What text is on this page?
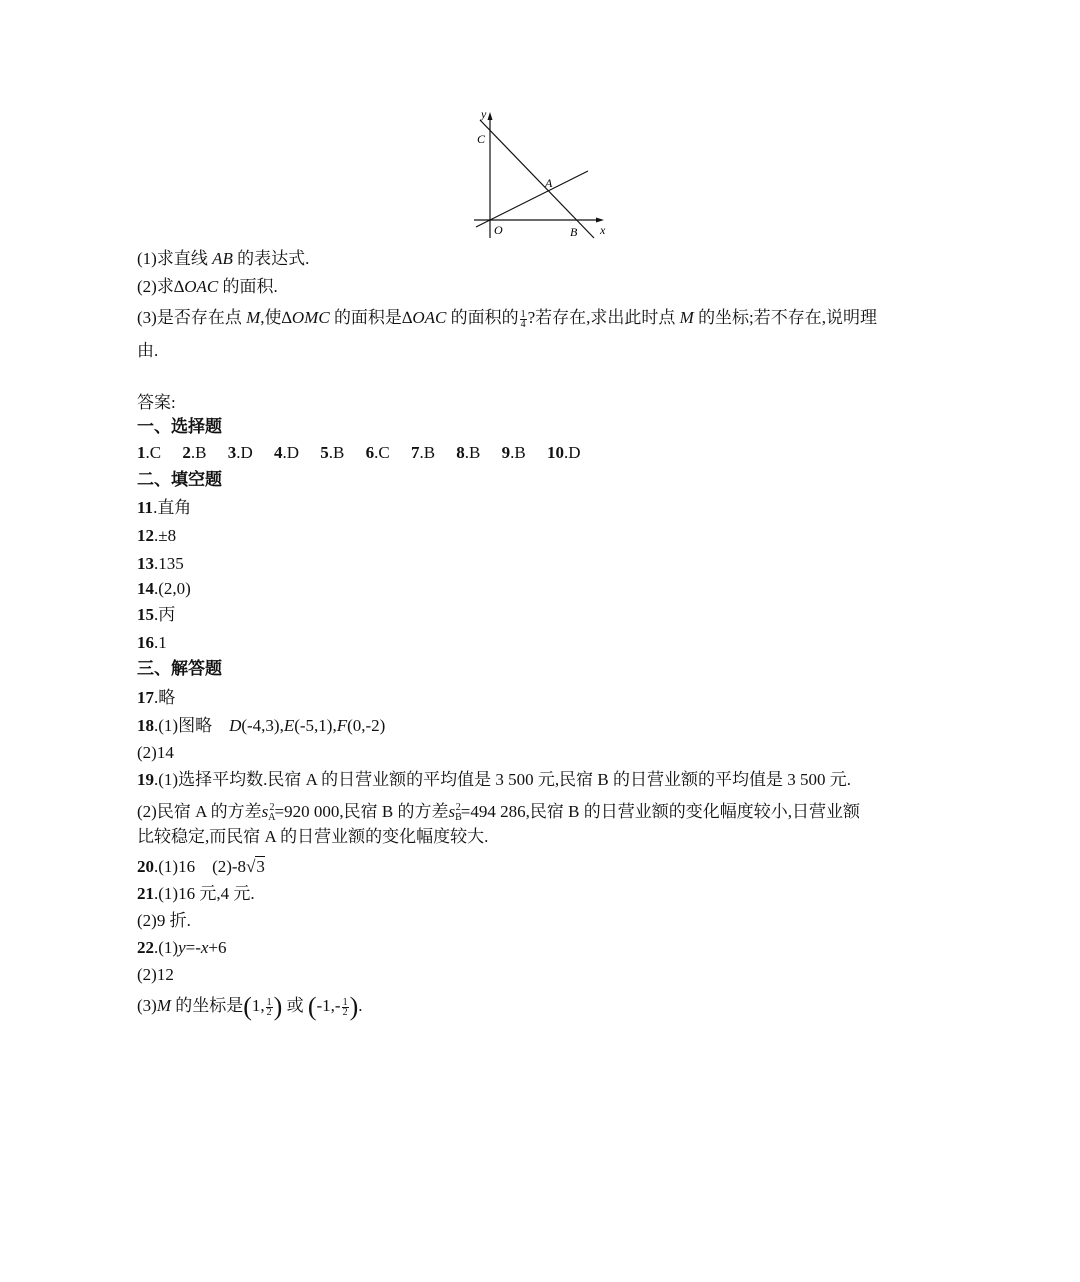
y
C
A
O	B x
(1)求直线 AB 的表达式.
(2)求∆OAC 的面积.
(3)是否存在点 M,使∆OMC 的面积是∆OAC 的面积的 $\frac{1}{4}$ ?若存在,求出此时点 M 的坐标;若不存在,说明理
由.
答案:
一、选择题
1.C　 2.B　 3.D　 4.D　 5.B　 6.C　 7.B　 8.B　 9.B　 10.D
二、填空题
11.直角
12.±8
13.135
14.(2,0)
15.丙
16.1
三、解答题
17.略
18.(1)图略　D(-4,3),E(-5,1),F(0,-2)
(2)14
19.(1)选择平均数.民宿 A 的日营业额的平均值是 3 500 元,民宿 B 的日营业额的平均值是 3 500 元.
(2)民宿 A 的方差$s_A^2=920$ 000,民宿 B 的方差$s_B^2=494$ 286,民宿 B 的日营业额的变化幅度较小,日营业额
比较稳定,而民宿 A 的日营业额的变化幅度较大.
20.(1)16　(2)-8√3
21.(1)16 元,4 元.
(2)9 折.
22.(1)y=-x+6
(2)12
(3)M 的坐标是(1, $\frac{1}{2}$ ) 或 ($-1,- \frac{1}{2}$ ).
